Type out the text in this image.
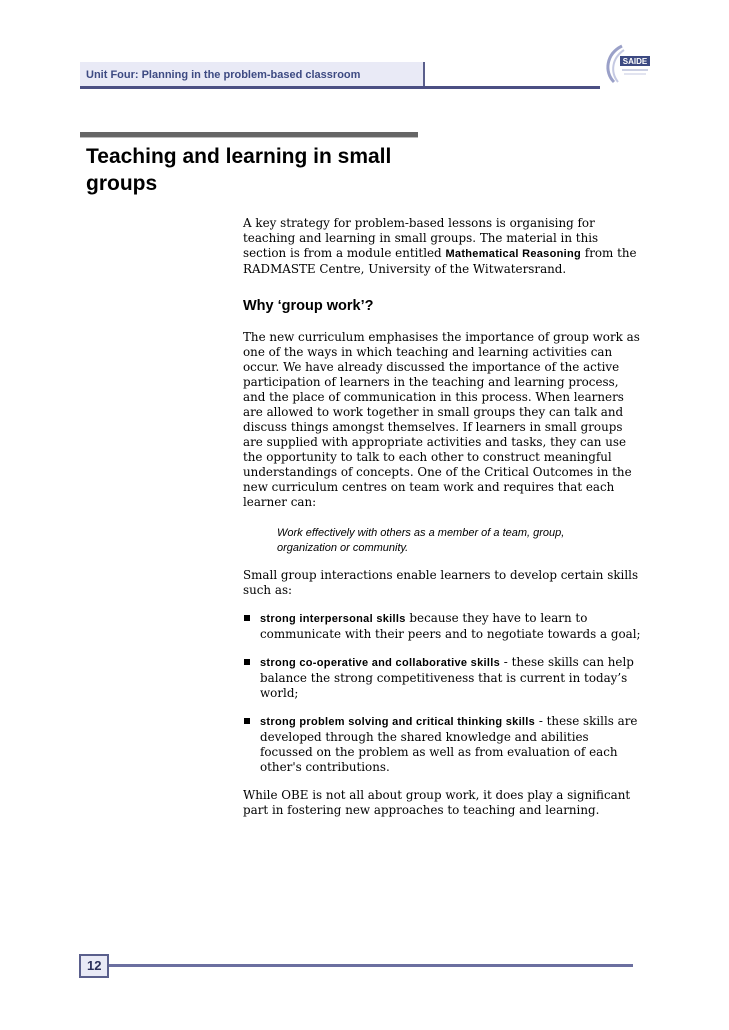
Unit Four: Planning in the problem-based classroom
SAIDE
Teaching and learning in small groups

A key strategy for problem-based lessons is organising for teaching and learning in small groups. The material in this section is from a module entitled Mathematical Reasoning from the RADMASTE Centre, University of the Witwatersrand.

Why ‘group work’?

The new curriculum emphasises the importance of group work as one of the ways in which teaching and learning activities can occur. We have already discussed the importance of the active participation of learners in the teaching and learning process, and the place of communication in this process. When learners are allowed to work together in small groups they can talk and discuss things amongst themselves. If learners in small groups are supplied with appropriate activities and tasks, they can use the opportunity to talk to each other to construct meaningful understandings of concepts. One of the Critical Outcomes in the new curriculum centres on team work and requires that each learner can:

Work effectively with others as a member of a team, group, organization or community.

Small group interactions enable learners to develop certain skills such as:

strong interpersonal skills because they have to learn to communicate with their peers and to negotiate towards a goal;
strong co-operative and collaborative skills - these skills can help balance the strong competitiveness that is current in today’s world;
strong problem solving and critical thinking skills - these skills are developed through the shared knowledge and abilities focussed on the problem as well as from evaluation of each other's contributions.

While OBE is not all about group work, it does play a significant part in fostering new approaches to teaching and learning.

12
